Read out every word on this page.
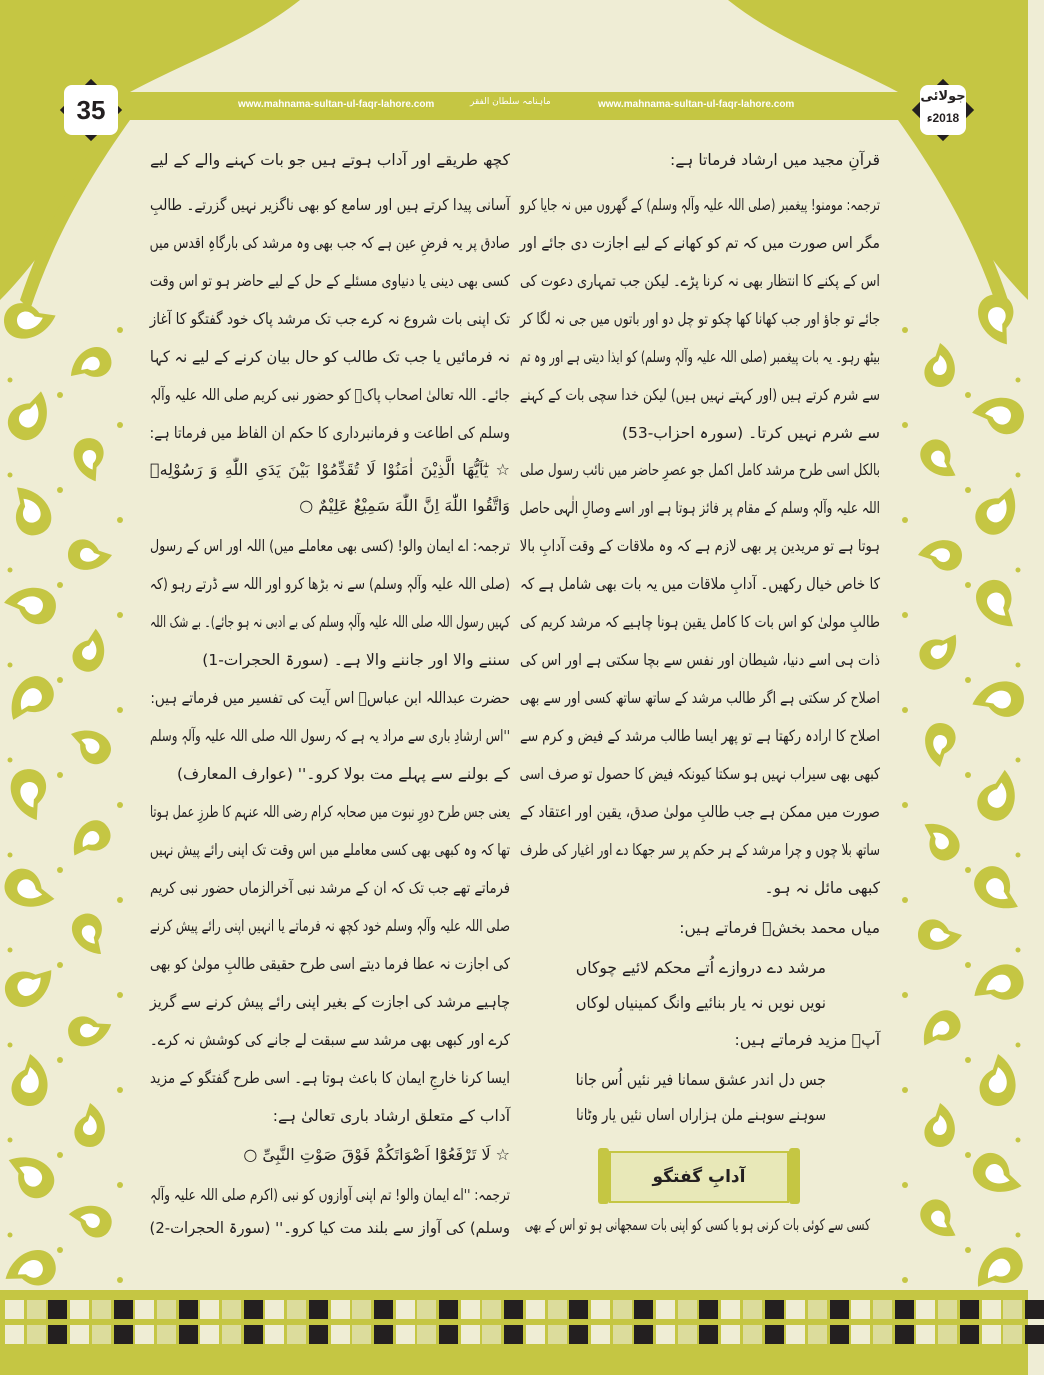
www.mahnama-sultan-ul-faqr-lahore.com	ماہنامہ سلطان الفقر	www.mahnama-sultan-ul-faqr-lahore.com
35	جولائی
2018ء
قرآنِ مجید میں ارشاد فرماتا ہے:
ترجمہ: مومنو! پیغمبر (صلی اللہ علیہ وآلہٖ وسلم) کے گھروں میں نہ جایا کرو
مگر اس صورت میں کہ تم کو کھانے کے لیے اجازت دی جائے اور
اس کے پکنے کا انتظار بھی نہ کرنا پڑے۔ لیکن جب تمہاری دعوت کی
جائے تو جاؤ اور جب کھانا کھا چکو تو چل دو اور باتوں میں جی نہ لگا کر
بیٹھ رہو۔ یہ بات پیغمبر (صلی اللہ علیہ وآلہٖ وسلم) کو ایذا دیتی ہے اور وہ تم
سے شرم کرتے ہیں (اور کہتے نہیں ہیں) لیکن خدا سچی بات کے کہنے
سے شرم نہیں کرتا۔ (سورہ احزاب-53)
بالکل اسی طرح مرشد کامل اکمل جو عصرِ حاضر میں نائب رسول صلی
اللہ علیہ وآلہٖ وسلم کے مقام پر فائز ہوتا ہے اور اسے وصالِ الٰہی حاصل
ہوتا ہے تو مریدین پر بھی لازم ہے کہ وہ ملاقات کے وقت آدابِ بالا
کا خاص خیال رکھیں۔ آدابِ ملاقات میں یہ بات بھی شامل ہے کہ
طالبِ مولیٰ کو اس بات کا کامل یقین ہونا چاہیے کہ مرشد کریم کی
ذات ہی اسے دنیا، شیطان اور نفس سے بچا سکتی ہے اور اس کی
اصلاح کر سکتی ہے اگر طالب مرشد کے ساتھ ساتھ کسی اور سے بھی
اصلاح کا ارادہ رکھتا ہے تو پھر ایسا طالب مرشد کے فیض و کرم سے
کبھی بھی سیراب نہیں ہو سکتا کیونکہ فیض کا حصول تو صرف اسی
صورت میں ممکن ہے جب طالبِ مولیٰ صدق، یقین اور اعتقاد کے
ساتھ بلا چوں و چرا مرشد کے ہر حکم پر سر جھکا دے اور اغیار کی طرف
کبھی مائل نہ ہو۔
میاں محمد بخشؒ فرماتے ہیں:
کچھ طریقے اور آداب ہوتے ہیں جو بات کہنے والے کے لیے
آسانی پیدا کرتے ہیں اور سامع کو بھی ناگزیر نہیں گزرتے۔ طالبِ
صادق پر یہ فرضِ عین ہے کہ جب بھی وہ مرشد کی بارگاہِ اقدس میں
کسی بھی دینی یا دنیاوی مسئلے کے حل کے لیے حاضر ہو تو اس وقت
تک اپنی بات شروع نہ کرے جب تک مرشد پاک خود گفتگو کا آغاز
نہ فرمائیں یا جب تک طالب کو حال بیان کرنے کے لیے نہ کہا
جائے۔ اللہ تعالیٰ اصحاب پاکؓ کو حضور نبی کریم صلی اللہ علیہ وآلہٖ
وسلم کی اطاعت و فرمانبرداری کا حکم ان الفاظ میں فرماتا ہے:
☆ یٰٓاَیُّهَا الَّذِیْنَ اٰمَنُوْا لَا تُقَدِّمُوْا بَیْنَ یَدَیِ اللّٰهِ وَ رَسُوْلِهٖ
وَاتَّقُوا اللّٰهَ اِنَّ اللّٰهَ سَمِیْعٌ عَلِیْمٌ ○
ترجمہ: اے ایمان والو! (کسی بھی معاملے میں) اللہ اور اس کے رسول
(صلی اللہ علیہ وآلہٖ وسلم) سے نہ بڑھا کرو اور اللہ سے ڈرتے رہو (کہ
کہیں رسول اللہ صلی اللہ علیہ وآلہٖ وسلم کی بے ادبی نہ ہو جائے)۔ بے شک اللہ
سننے والا اور جاننے والا ہے۔ (سورۃ الحجرات-1)
حضرت عبداللہ ابن عباسؓ اس آیت کی تفسیر میں فرماتے ہیں:
''اس ارشادِ باری سے مراد یہ ہے کہ رسول اللہ صلی اللہ علیہ وآلہٖ وسلم
کے بولنے سے پہلے مت بولا کرو۔'' (عوارف المعارف)
یعنی جس طرح دورِ نبوت میں صحابہ کرام رضی اللہ عنہم کا طرزِ عمل ہوتا
تھا کہ وہ کبھی بھی کسی معاملے میں اس وقت تک اپنی رائے پیش نہیں
فرماتے تھے جب تک کہ ان کے مرشد نبی آخرالزماں حضور نبی کریم
صلی اللہ علیہ وآلہٖ وسلم خود کچھ نہ فرماتے یا انہیں اپنی رائے پیش کرنے
کی اجازت نہ عطا فرما دیتے اسی طرح حقیقی طالبِ مولیٰ کو بھی
چاہیے مرشد کی اجازت کے بغیر اپنی رائے پیش کرنے سے گریز
کرے اور کبھی بھی مرشد سے سبقت لے جانے کی کوشش نہ کرے۔
ایسا کرنا خارجِ ایمان کا باعث ہوتا ہے۔ اسی طرح گفتگو کے مزید
آداب کے متعلق ارشاد باری تعالیٰ ہے:
☆ لَا تَرْفَعُوْٓا اَصْوَاتَكُمْ فَوْقَ صَوْتِ النَّبِیِّ ○
ترجمہ: ''اے ایمان والو! تم اپنی آوازوں کو نبی (اکرم صلی اللہ علیہ وآلہٖ
وسلم) کی آواز سے بلند مت کیا کرو۔'' (سورۃ الحجرات-2)
مرشد دے دروازے اُتے محکم لائیے چوکاں
نویں نویں نہ یار بنائیے وانگ کمینیاں لوکاں
آپؒ مزید فرماتے ہیں:
جس دل اندر عشق سمانا فیر نئیں اُس جانا
سوہنے سوہنے ملن ہزاراں اساں نئیں یار وٹانا
آدابِ گفتگو
کسی سے کوئی بات کرنی ہو یا کسی کو اپنی بات سمجھانی ہو تو اس کے بھی
